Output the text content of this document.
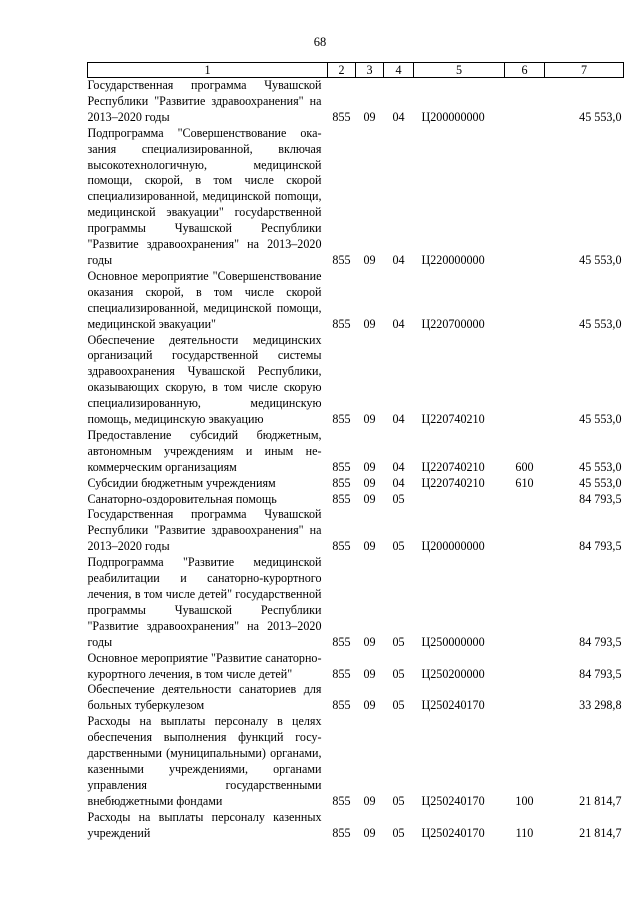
68
1	2	3	4	5	6	7
Государственная программа Чувашской Республики "Развитие здравоохранения" на 2013–2020 годы	855	09	04	Ц200000000		45 553,0
Подпрограмма "Совершенствование оказания специализированной, включая высокотехнологичную, медицинской помощи, скорой, в том числе скорой специализированной, медицинской поmощи, медицинской эвакуации" госуdарственной программы Чувашской Республики "Развитие здравоохранения" на 2013–2020 годы	855	09	04	Ц220000000		45 553,0
Основное мероприятие "Совершенствование оказания скорой, в том числе скорой специализированной, медицинской помощи, медицинской эвакуации"	855	09	04	Ц220700000		45 553,0
Обеспечение деятельности медицинских организаций государственной системы здравоохранения Чувашской Республики, оказывающих скорую, в том числе скорую специализированную, медицинскую помощь, медицинскую эвакуацию	855	09	04	Ц220740210		45 553,0
Предоставление субсидий бюджетным, автономным учреждениям и иным некоммерческим организациям	855	09	04	Ц220740210	600	45 553,0
Субсидии бюджетным учреждениям	855	09	04	Ц220740210	610	45 553,0
Санаторно-оздоровительная помощь	855	09	05			84 793,5
Государственная программа Чувашской Республики "Развитие здравоохранения" на 2013–2020 годы	855	09	05	Ц200000000		84 793,5
Подпрограмма "Развитие медицинской реабилитации и санаторно-курортного лечения, в том числе детей" государственной программы Чувашской Республики "Развитие здравоохранения" на 2013–2020 годы	855	09	05	Ц250000000		84 793,5
Основное мероприятие "Развитие санаторно-курортного лечения, в том числе детей"	855	09	05	Ц250200000		84 793,5
Обеспечение деятельности санаториев для больных туберкулезом	855	09	05	Ц250240170		33 298,8
Расходы на выплаты персоналу в целях обеспечения выполнения функций государственными (муниципальными) органами, казенными учреждениями, органами управления государственными внебюджетными фондами	855	09	05	Ц250240170	100	21 814,7
Расходы на выплаты персоналу казенных учреждений	855	09	05	Ц250240170	110	21 814,7
